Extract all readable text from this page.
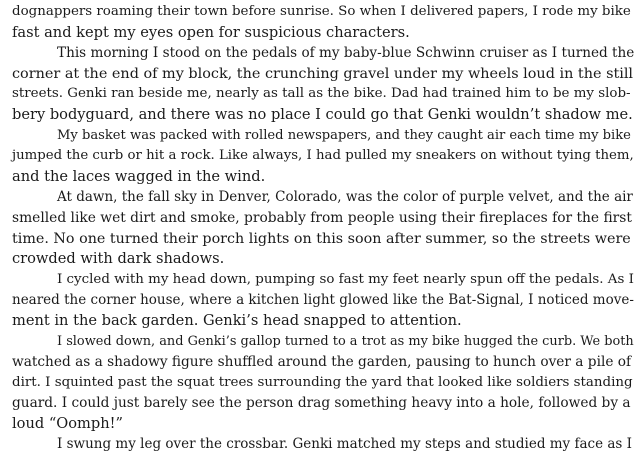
dognappers roaming their town before sunrise. So when I delivered papers, I rode my bike
fast and kept my eyes open for suspicious characters.
This morning I stood on the pedals of my baby-blue Schwinn cruiser as I turned the
corner at the end of my block, the crunching gravel under my wheels loud in the still
streets. Genki ran beside me, nearly as tall as the bike. Dad had trained him to be my slob-
bery bodyguard, and there was no place I could go that Genki wouldn’t shadow me.
My basket was packed with rolled newspapers, and they caught air each time my bike
jumped the curb or hit a rock. Like always, I had pulled my sneakers on without tying them,
and the laces wagged in the wind.
At dawn, the fall sky in Denver, Colorado, was the color of purple velvet, and the air
smelled like wet dirt and smoke, probably from people using their fireplaces for the first
time. No one turned their porch lights on this soon after summer, so the streets were
crowded with dark shadows.
I cycled with my head down, pumping so fast my feet nearly spun off the pedals. As I
neared the corner house, where a kitchen light glowed like the Bat-Signal, I noticed move-
ment in the back garden. Genki’s head snapped to attention.
I slowed down, and Genki’s gallop turned to a trot as my bike hugged the curb. We both
watched as a shadowy figure shuffled around the garden, pausing to hunch over a pile of
dirt. I squinted past the squat trees surrounding the yard that looked like soldiers standing
guard. I could just barely see the person drag something heavy into a hole, followed by a
loud “Oomph!”
I swung my leg over the crossbar. Genki matched my steps and studied my face as I
